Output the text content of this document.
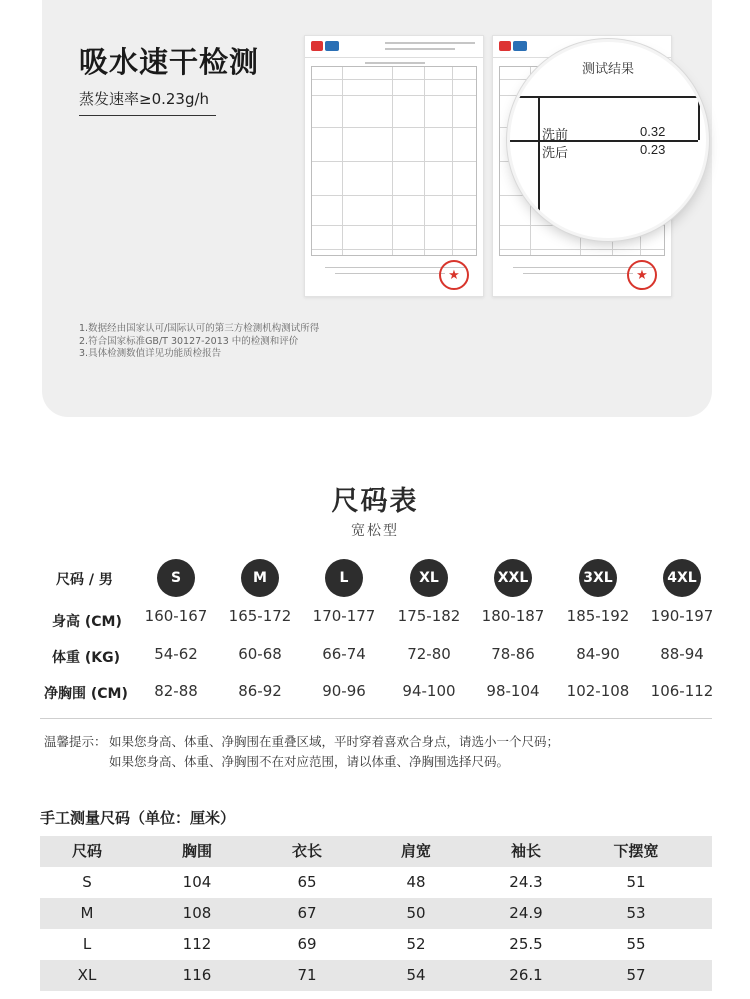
吸水速干检测
蒸发速率≥0.23g/h
1.数据经由国家认可/国际认可的第三方检测机构测试所得
2.符合国家标准GB/T 30127-2013 中的检测和评价
3.具体检测数值详见功能质检报告
★	★
测试结果
洗前	0.32
洗后	0.23
尺码表
宽松型
尺码 / 男	S	M	L	XL	XXL	3XL	4XL
身高 (CM)	160-167	165-172	170-177	175-182	180-187	185-192	190-197
体重 (KG)	54-62	60-68	66-74	72-80	78-86	84-90	88-94
净胸围 (CM)	82-88	86-92	90-96	94-100	98-104	102-108	106-112
温馨提示： 如果您身高、体重、净胸围在重叠区域，平时穿着喜欢合身点，请选小一个尺码；
如果您身高、体重、净胸围不在对应范围，请以体重、净胸围选择尺码。
手工测量尺码（单位：厘米）
尺码	胸围	衣长	肩宽	袖长	下摆宽
S	104	65	48	24.3	51
M	108	67	50	24.9	53
L	112	69	52	25.5	55
XL	116	71	54	26.1	57
